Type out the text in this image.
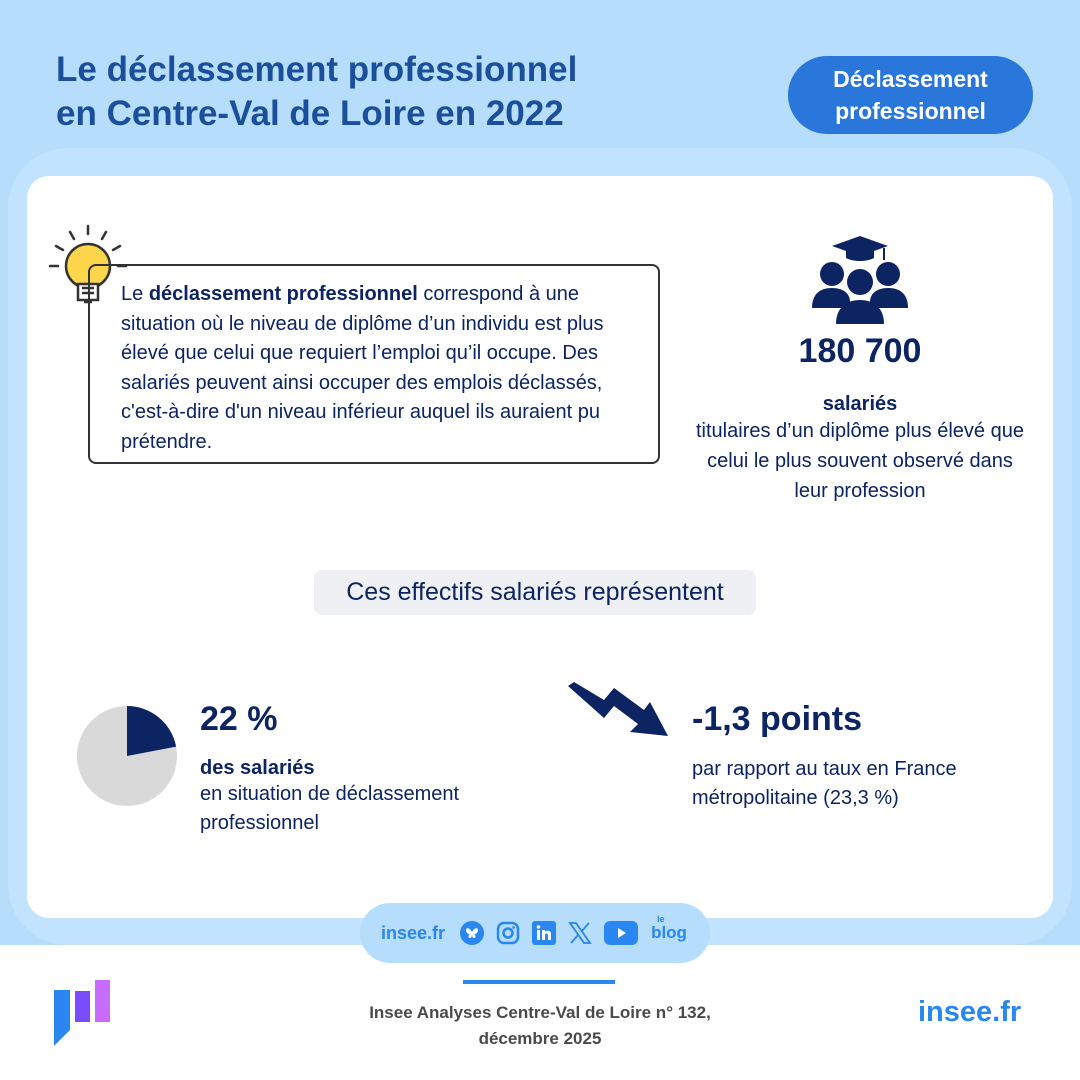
Le déclassement professionnel
en Centre-Val de Loire en 2022
Déclassement professionnel
Le déclassement professionnel correspond à une situation où le niveau de diplôme d’un individu est plus élevé que celui que requiert l’emploi qu’il occupe. Des salariés peuvent ainsi occuper des emplois déclassés, c'est-à-dire d'un niveau inférieur auquel ils auraient pu prétendre.
180 700
salariés
titulaires d’un diplôme plus élevé que celui le plus souvent observé dans leur profession
Ces effectifs salariés représentent
22 %
des salariés
en situation de déclassement professionnel
-1,3 points
par rapport au taux en France métropolitaine (23,3 %)
insee.fr
le
blog
Insee Analyses Centre-Val de Loire n° 132,
décembre 2025
insee.fr
